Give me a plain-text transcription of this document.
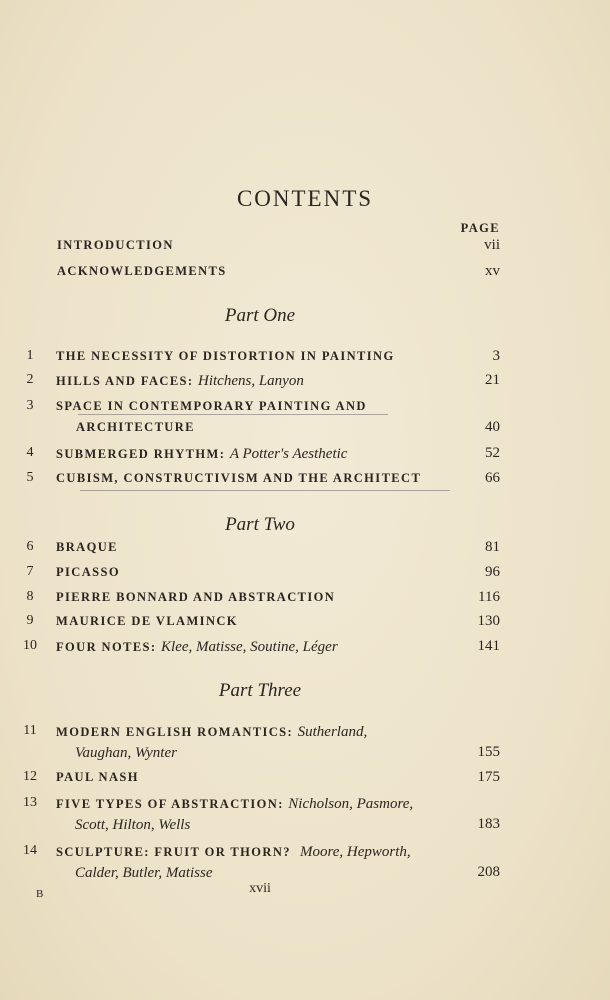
CONTENTS
PAGE
INTRODUCTION	vii
ACKNOWLEDGEMENTS	xv
Part One
1	THE NECESSITY OF DISTORTION IN PAINTING	3
2	HILLS AND FACES: Hitchens, Lanyon	21
3	SPACE IN CONTEMPORARY PAINTING AND
ARCHITECTURE	40
4	SUBMERGED RHYTHM: A Potter's Aesthetic	52
5	CUBISM, CONSTRUCTIVISM AND THE ARCHITECT	66
Part Two
6	BRAQUE	81
7	PICASSO	96
8	PIERRE BONNARD AND ABSTRACTION	116
9	MAURICE DE VLAMINCK	130
10 FOUR NOTES: Klee, Matisse, Soutine, Léger	141
Part Three
11 MODERN ENGLISH ROMANTICS: Sutherland,
Vaughan, Wynter	155
12 PAUL NASH	175
13 FIVE TYPES OF ABSTRACTION: Nicholson, Pasmore,
Scott, Hilton, Wells	183
14 SCULPTURE: FRUIT OR THORN? Moore, Hepworth,
Calder, Butler, Matisse	208
B	xvii
